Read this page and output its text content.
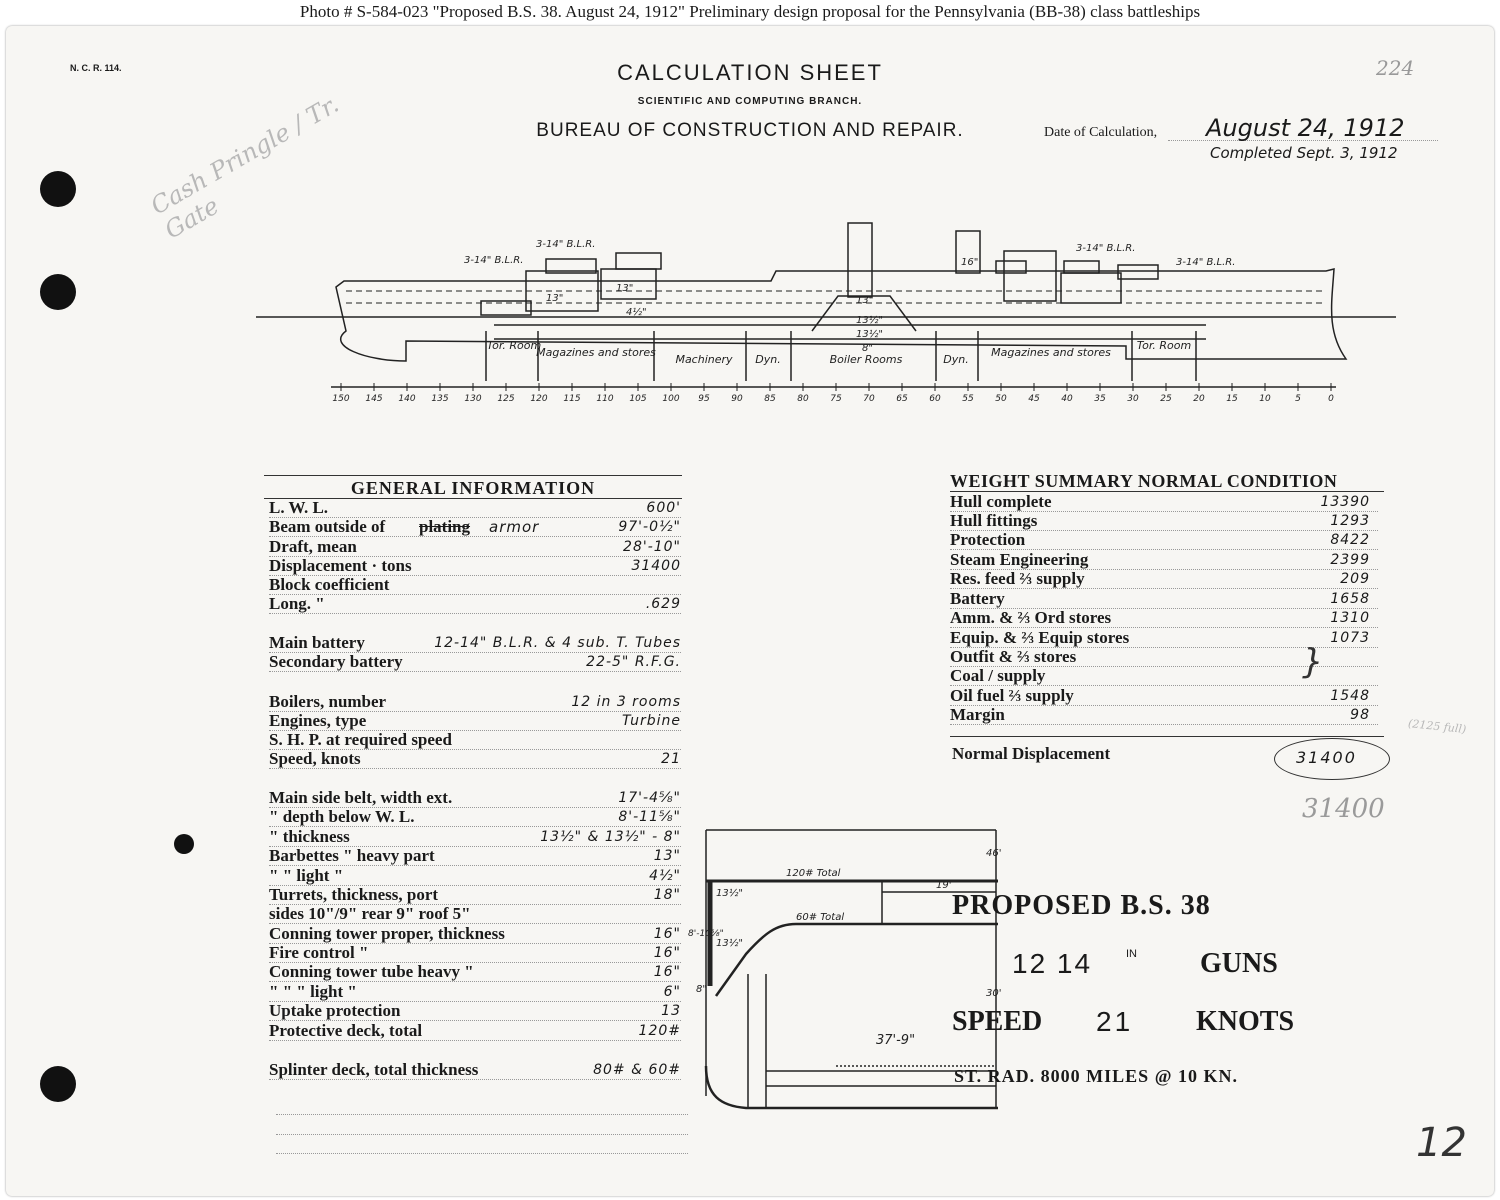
Photo # S-584-023 "Proposed B.S. 38. August 24, 1912" Preliminary design proposal for the Pennsylvania (BB-38) class battleships
N. C. R. 114.	CALCULATION SHEET
SCIENTIFIC AND COMPUTING BRANCH.
BUREAU OF CONSTRUCTION AND REPAIR.	Date of Calculation, August 24, 1912
Completed Sept. 3, 1912
224
Cash Pringle / Tr. Gate
150 145 140 135 130 125 120 115 110 105 100 95 90 85 80 75 70 65 60 55 50 45 40 35 30 25 20 15 10	5	0
Tor. Room
Magazines and stores
Machinery Dyn.	Boiler Rooms	Dyn.
Magazines and stores
Tor. Room
3-14" B.L.R.
3-14" B.L.R.	3-14" B.L.R.
3-14" B.L.R.
13"
13"
13"
4½"
13½"
13½"
8"
16"
GENERAL INFORMATION
L. W. L.	600'
Beam outside of plating armor	97'-0½"
Draft, mean	28'-10"
Displacement · tons	31400
Block coefficient
Long. "	.629
Main battery	12-14" B.L.R. & 4 sub. T. Tubes
Secondary battery	22-5" R.F.G.
Boilers, number	12 in 3 rooms
Engines, type	Turbine
S. H. P. at required speed
Speed, knots	21
Main side belt, width ext.	17'-4⅝"
" depth below W. L.	8'-11⅝"
" thickness	13½" & 13½" - 8"
Barbettes " heavy part	13"
" " light "	4½"
Turrets, thickness, port	18"
sides 10"/9" rear 9" roof 5"
Conning tower proper, thickness	16"
Fire control "	16"
Conning tower tube heavy "	16"
" " " light "	6"
Uptake protection	13
Protective deck, total	120#
Splinter deck, total thickness	80# & 60#
WEIGHT SUMMARY NORMAL CONDITION
Hull complete	13390
Hull fittings	1293
Protection	8422
Steam Engineering	2399
Res. feed ⅔ supply	209
Battery	1658
Amm. & ⅔ Ord stores	1310
Equip. & ⅔ Equip stores	1073
Outfit & ⅔ stores
Coal / supply
Oil fuel ⅔ supply	1548
Margin	98
}
(2125 full)
Normal Displacement	31400
31400
120# Total
60# Total
13½"
13½"
8"
19'
37'-9"
30'
46'
8'-10⅝"
PROPOSED B.S. 38
12 14	IN GUNS
SPEED 21 KNOTS
ST. RAD. 8000 MILES @ 10 KN.
12
